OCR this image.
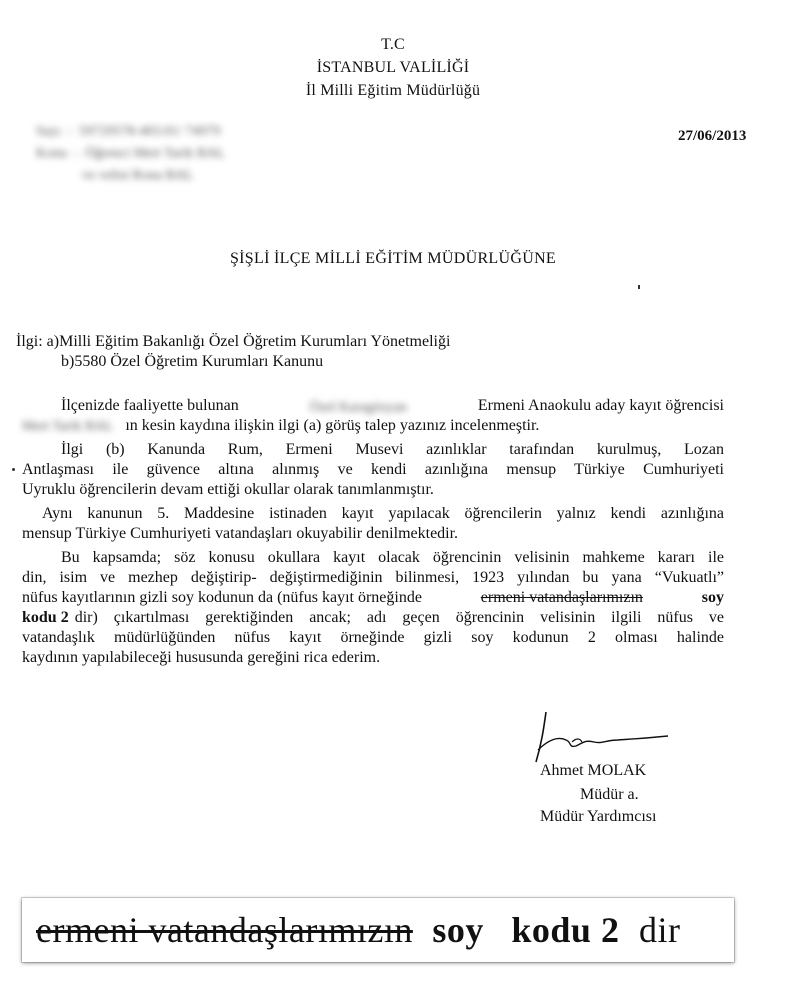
T.C
İSTANBUL VALİLİĞİ
İl Milli Eğitim Müdürlüğü
Sayı  :  59729578-403.01/ 74979
Konu  :  Öğrenci Mert Tarik BAL
ve velisi Rona BAL
27/06/2013
ŞİŞLİ İLÇE MİLLİ EĞİTİM MÜDÜRLÜĞÜNE
İlgi: a)Milli Eğitim Bakanlığı Özel Öğretim Kurumları Yönetmeliği
b)5580 Özel Öğretim Kurumları Kanunu
İlçenizde faaliyette bulunan	Özel Karagözyan	Ermeni Anaokulu aday kayıt öğrencisi
Mert Tarik BAL ın kesin kaydına ilişkin ilgi (a) görüş talep yazınız incelenmeştir.
İlgi (b) Kanunda Rum, Ermeni Musevi azınlıklar tarafından kurulmuş, Lozan
Antlaşması ile güvence altına alınmış ve kendi azınlığına mensup Türkiye Cumhuriyeti
Uyruklu öğrencilerin devam ettiği okullar olarak tanımlanmıştır.
Aynı kanunun 5. Maddesine istinaden kayıt yapılacak öğrencilerin yalnız kendi azınlığına
mensup Türkiye Cumhuriyeti vatandaşları okuyabilir denilmektedir.
Bu kapsamda; söz konusu okullara kayıt olacak öğrencinin velisinin mahkeme kararı ile
din, isim ve mezhep değiştirip- değiştirmediğinin bilinmesi, 1923 yılından bu yana “Vukuatlı”
nüfus kayıtlarının gizli soy kodunun da (nüfus kayıt örneğinde	ermeni vatandaşlarımızın	soy
kodu 2 dir) çıkartılması gerektiğinden ancak; adı geçen öğrencinin velisinin ilgili nüfus ve
vatandaşlık müdürlüğünden nüfus kayıt örneğinde gizli soy kodunun 2 olması halinde
kaydının yapılabileceği hususunda gereğini rica ederim.
Ahmet MOLAK
Müdür a.
Müdür Yardımcısı
ermeni vatandaşlarımızın soy kodu 2 dir
